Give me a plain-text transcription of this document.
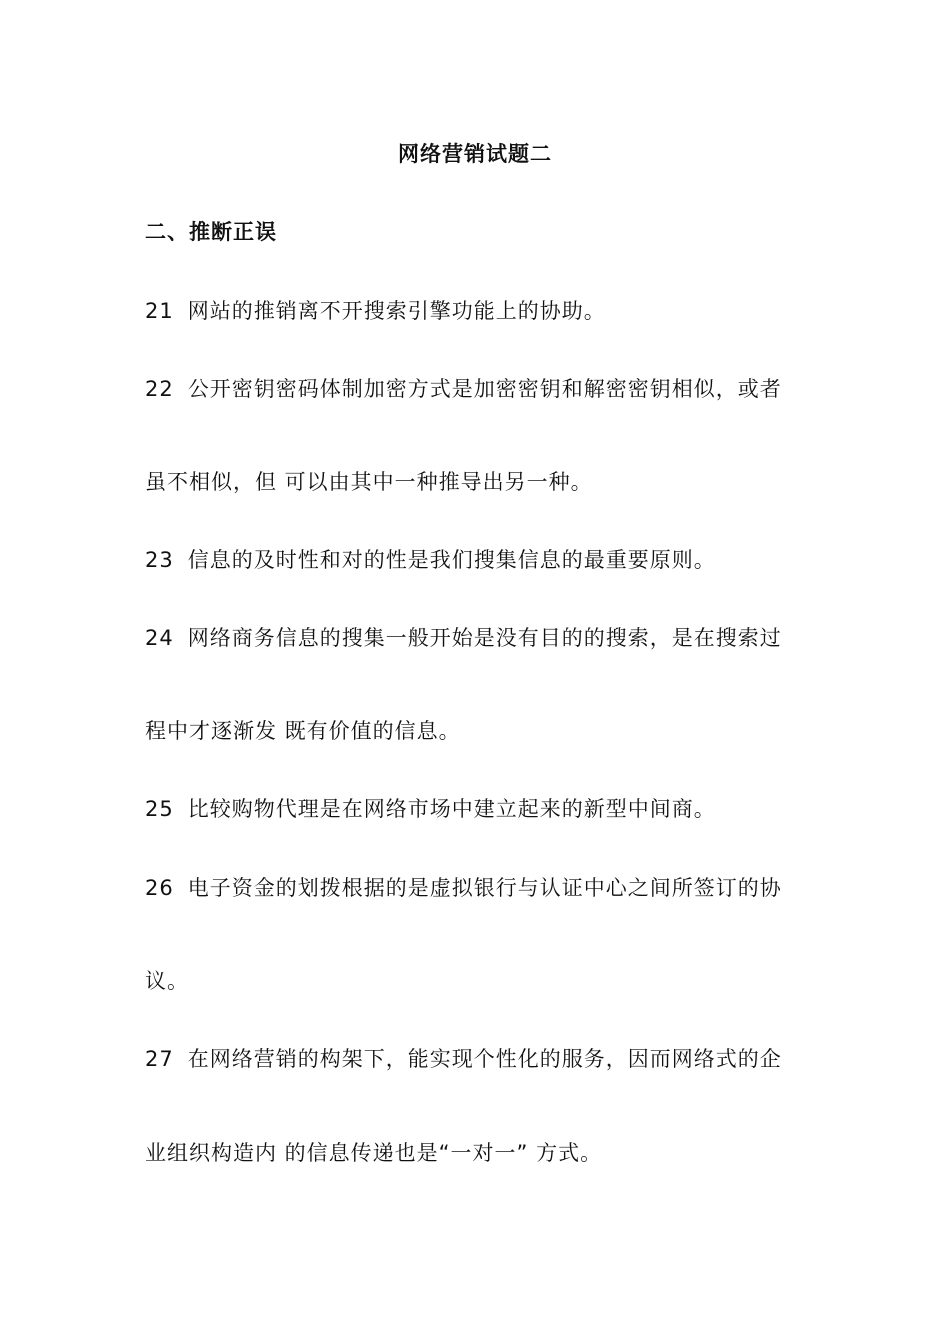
网络营销试题二
二、推断正误
21 网站的推销离不开搜索引擎功能上的协助。
22 公开密钥密码体制加密方式是加密密钥和解密密钥相似，或者
虽不相似，但 可以由其中一种推导出另一种。
23 信息的及时性和对的性是我们搜集信息的最重要原则。
24 网络商务信息的搜集一般开始是没有目的的搜索，是在搜索过
程中才逐渐发 既有价值的信息。
25 比较购物代理是在网络市场中建立起来的新型中间商。
26 电子资金的划拨根据的是虚拟银行与认证中心之间所签订的协
议。
27 在网络营销的构架下，能实现个性化的服务，因而网络式的企
业组织构造内 的信息传递也是“一对一” 方式。
